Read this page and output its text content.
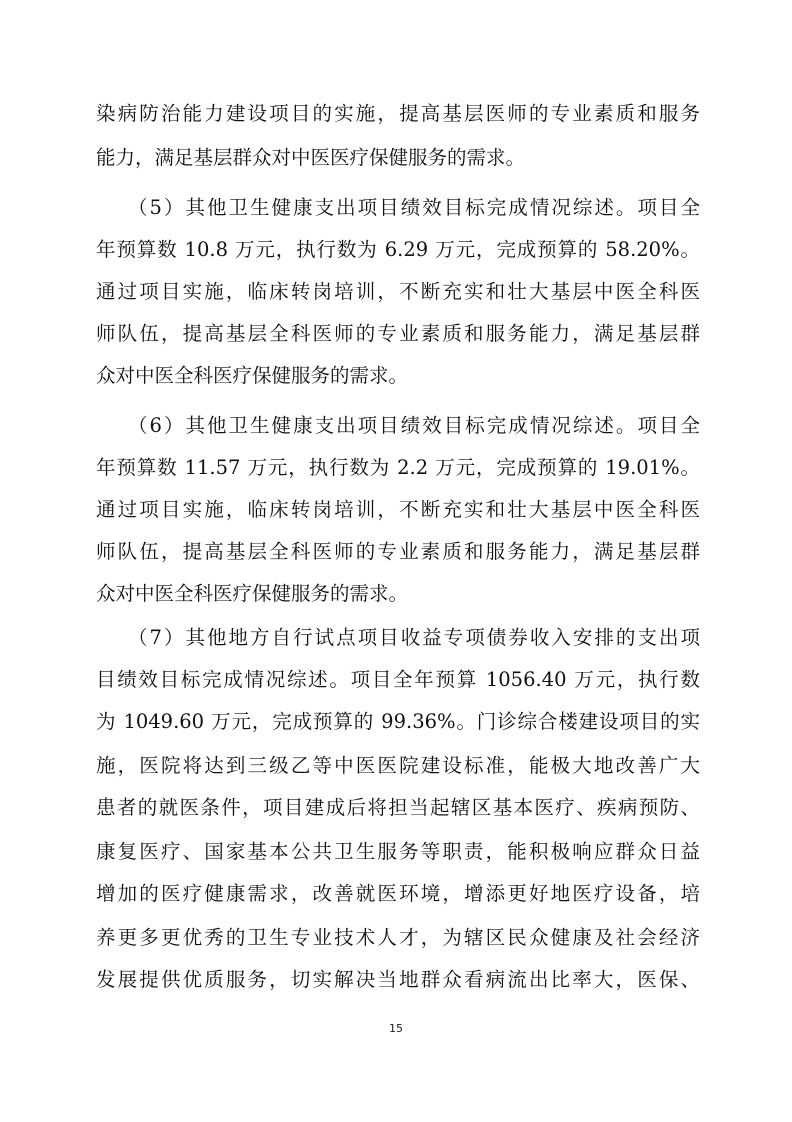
染病防治能力建设项目的实施，提高基层医师的专业素质和服务
能力，满足基层群众对中医医疗保健服务的需求。
（5）其他卫生健康支出项目绩效目标完成情况综述。项目全
年预算数 10.8 万元，执行数为 6.29 万元，完成预算的 58.20%。
通过项目实施，临床转岗培训，不断充实和壮大基层中医全科医
师队伍，提高基层全科医师的专业素质和服务能力，满足基层群
众对中医全科医疗保健服务的需求。
（6）其他卫生健康支出项目绩效目标完成情况综述。项目全
年预算数 11.57 万元，执行数为 2.2 万元，完成预算的 19.01%。
通过项目实施，临床转岗培训，不断充实和壮大基层中医全科医
师队伍，提高基层全科医师的专业素质和服务能力，满足基层群
众对中医全科医疗保健服务的需求。
（7）其他地方自行试点项目收益专项债券收入安排的支出项
目绩效目标完成情况综述。项目全年预算 1056.40 万元，执行数
为 1049.60 万元，完成预算的 99.36%。门诊综合楼建设项目的实
施，医院将达到三级乙等中医医院建设标准，能极大地改善广大
患者的就医条件，项目建成后将担当起辖区基本医疗、疾病预防、
康复医疗、国家基本公共卫生服务等职责，能积极响应群众日益
增加的医疗健康需求，改善就医环境，增添更好地医疗设备，培
养更多更优秀的卫生专业技术人才，为辖区民众健康及社会经济
发展提供优质服务，切实解决当地群众看病流出比率大，医保、
15
